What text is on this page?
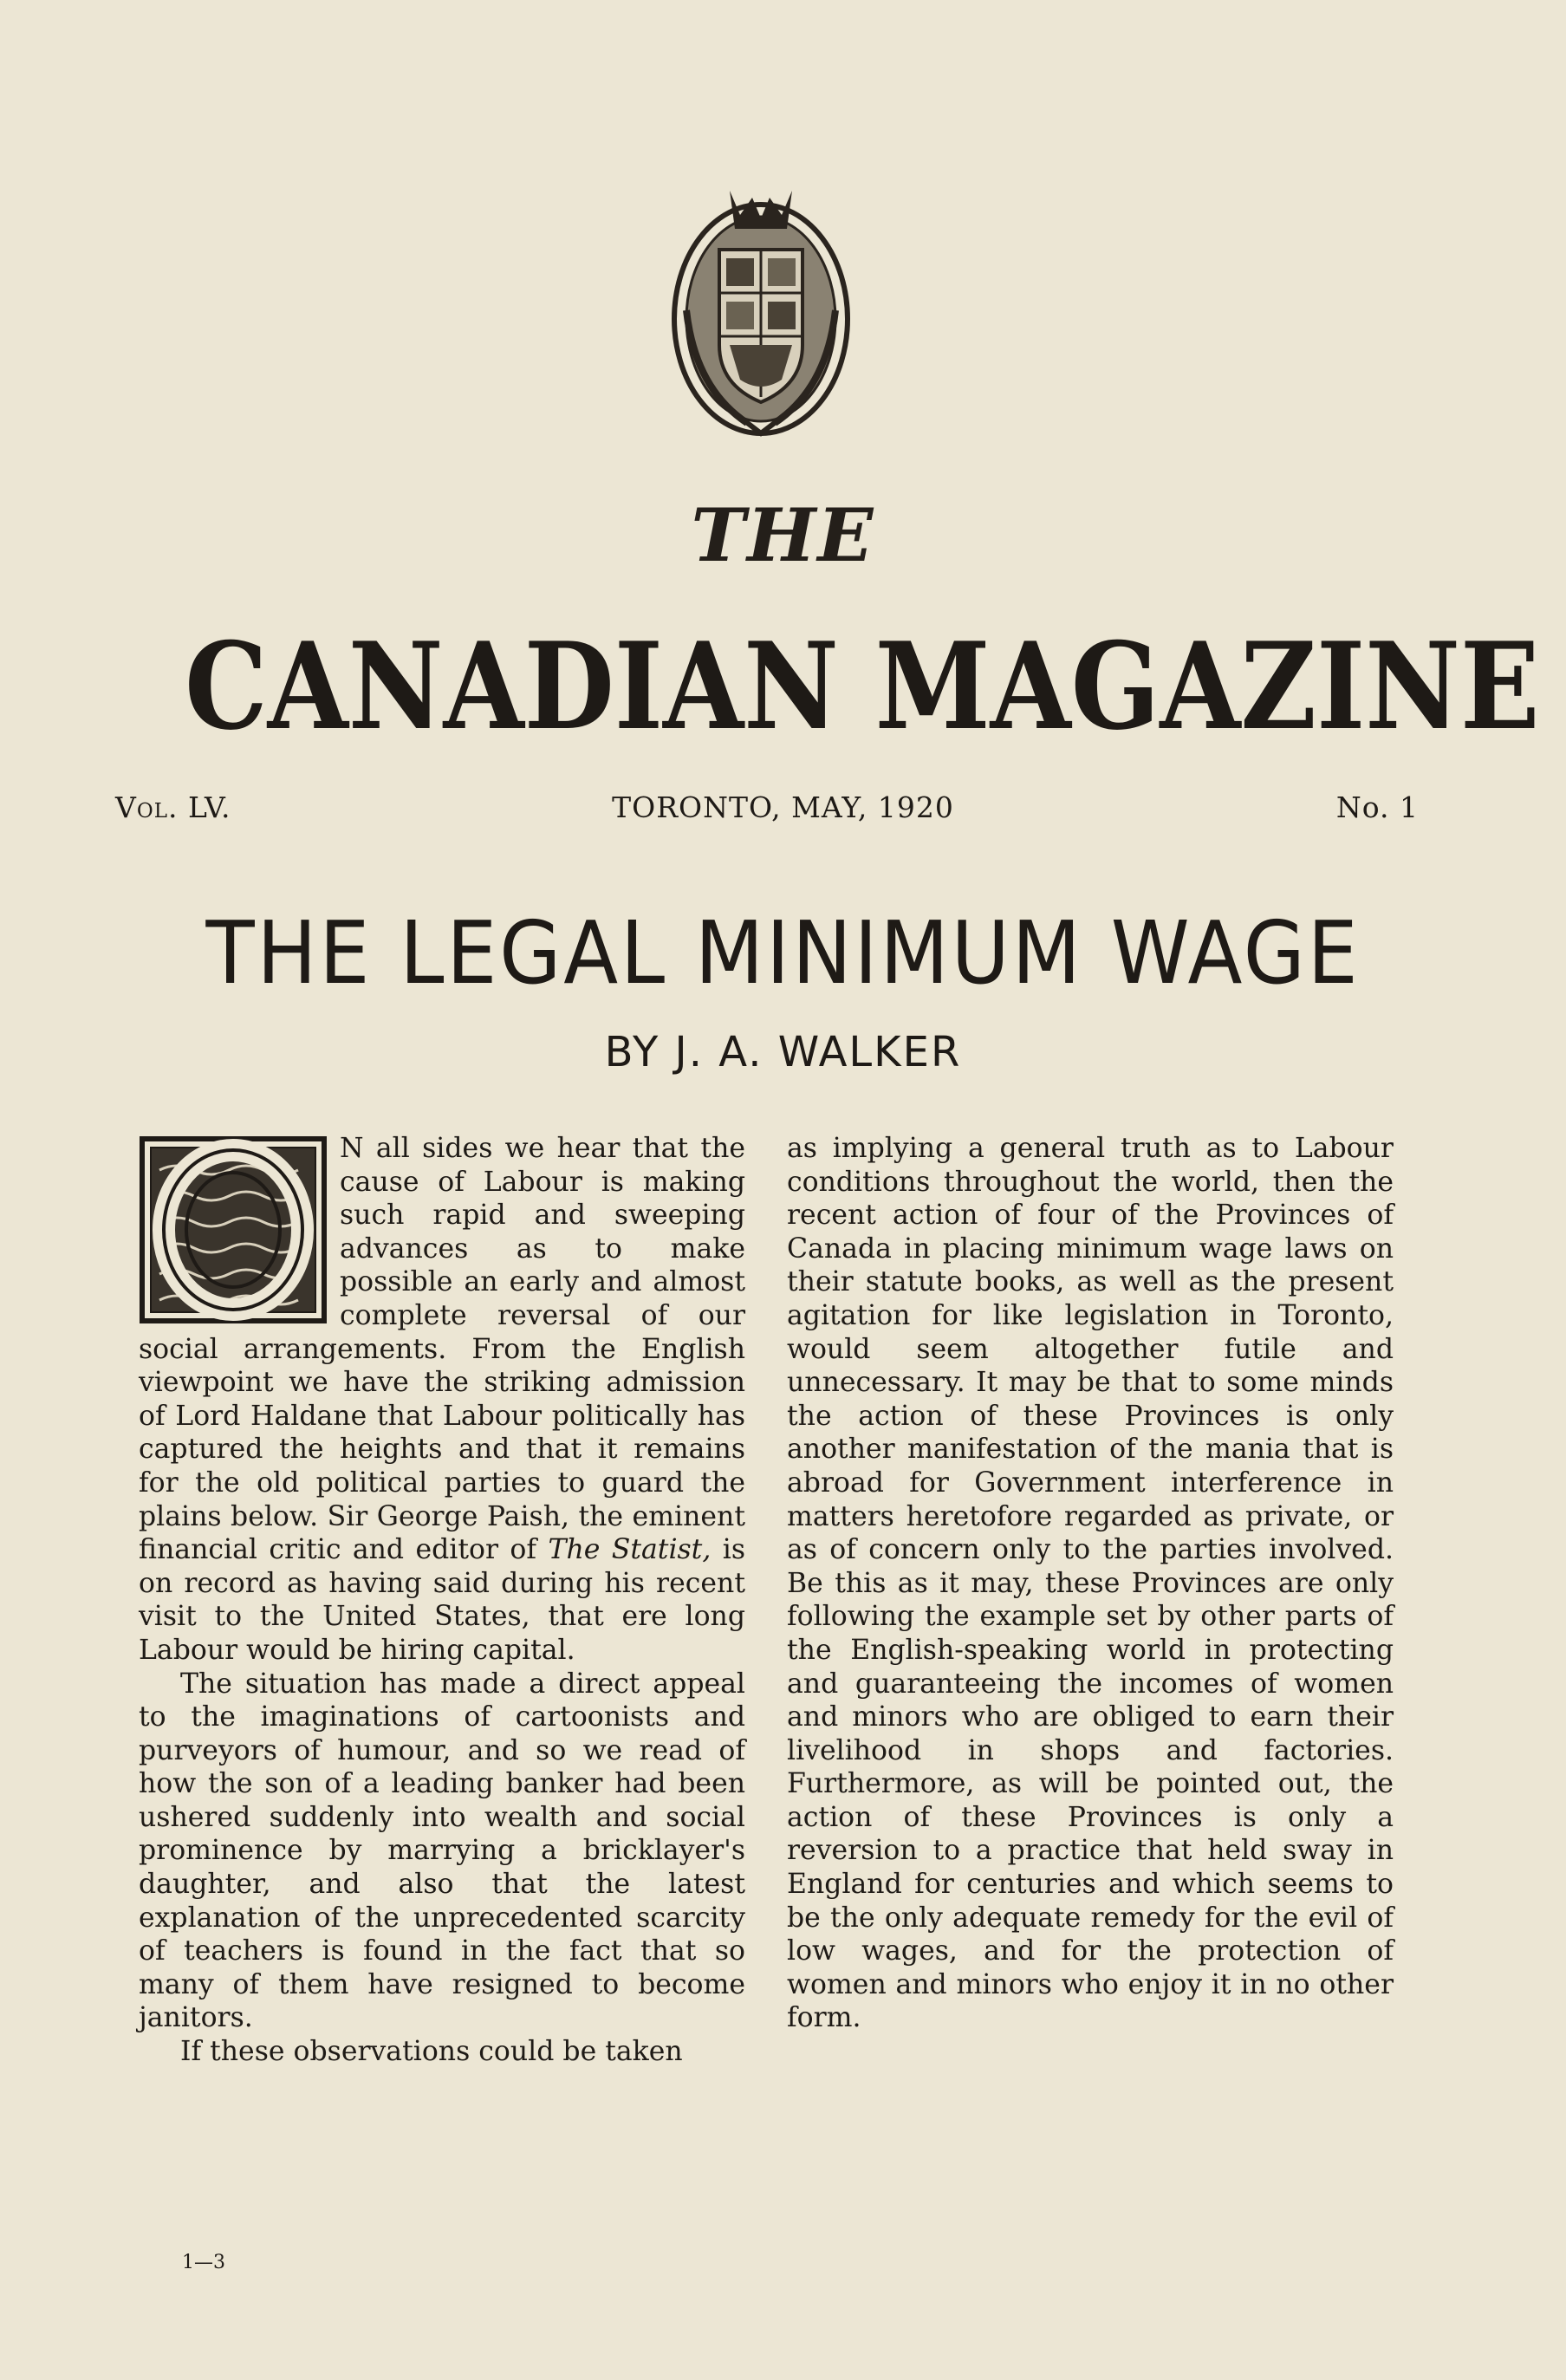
THE
CANADIAN MAGAZINE
Vol. LV.	TORONTO, MAY, 1920	No. 1
THE LEGAL MINIMUM WAGE
BY J. A. WALKER

N all sides we hear that the cause of Labour is making such rapid and sweeping advances as to make possible an early and almost complete reversal of our social arrangements. From the English viewpoint we have the striking admission of Lord Haldane that Labour politically has captured the heights and that it remains for the old political parties to guard the plains below. Sir George Paish, the eminent financial critic and editor of The Statist, is on record as having said during his recent visit to the United States, that ere long Labour would be hiring capital.

The situation has made a direct appeal to the imaginations of cartoonists and purveyors of humour, and so we read of how the son of a leading banker had been ushered suddenly into wealth and social prominence by marrying a bricklayer's daughter, and also that the latest explanation of the unprecedented scarcity of teachers is found in the fact that so many of them have resigned to become janitors.

If these observations could be taken

as implying a general truth as to Labour conditions throughout the world, then the recent action of four of the Provinces of Canada in placing minimum wage laws on their statute books, as well as the present agitation for like legislation in Toronto, would seem altogether futile and unnecessary. It may be that to some minds the action of these Provinces is only another manifestation of the mania that is abroad for Government interference in matters heretofore regarded as private, or as of concern only to the parties involved. Be this as it may, these Provinces are only following the example set by other parts of the English-speaking world in protecting and guaranteeing the incomes of women and minors who are obliged to earn their livelihood in shops and factories. Furthermore, as will be pointed out, the action of these Provinces is only a reversion to a practice that held sway in England for centuries and which seems to be the only adequate remedy for the evil of low wages, and for the protection of women and minors who enjoy it in no other form.

1—3
